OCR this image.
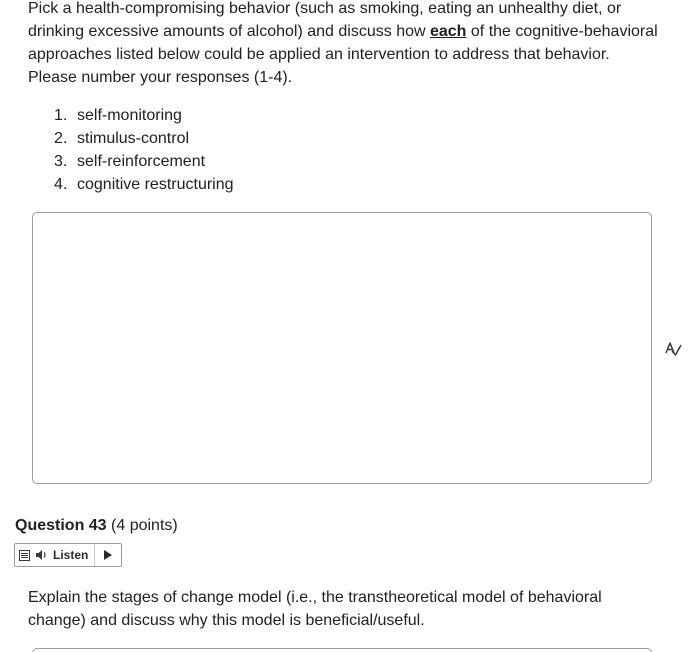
Pick a health-compromising behavior (such as smoking, eating an unhealthy diet, or drinking excessive amounts of alcohol) and discuss how each of the cognitive-behavioral approaches listed below could be applied an intervention to address that behavior. Please number your responses (1-4).

1. self-monitoring
2. stimulus-control
3. self-reinforcement
4. cognitive restructuring

Question 43 (4 points)

Listen

Explain the stages of change model (i.e., the transtheoretical model of behavioral change) and discuss why this model is beneficial/useful.
